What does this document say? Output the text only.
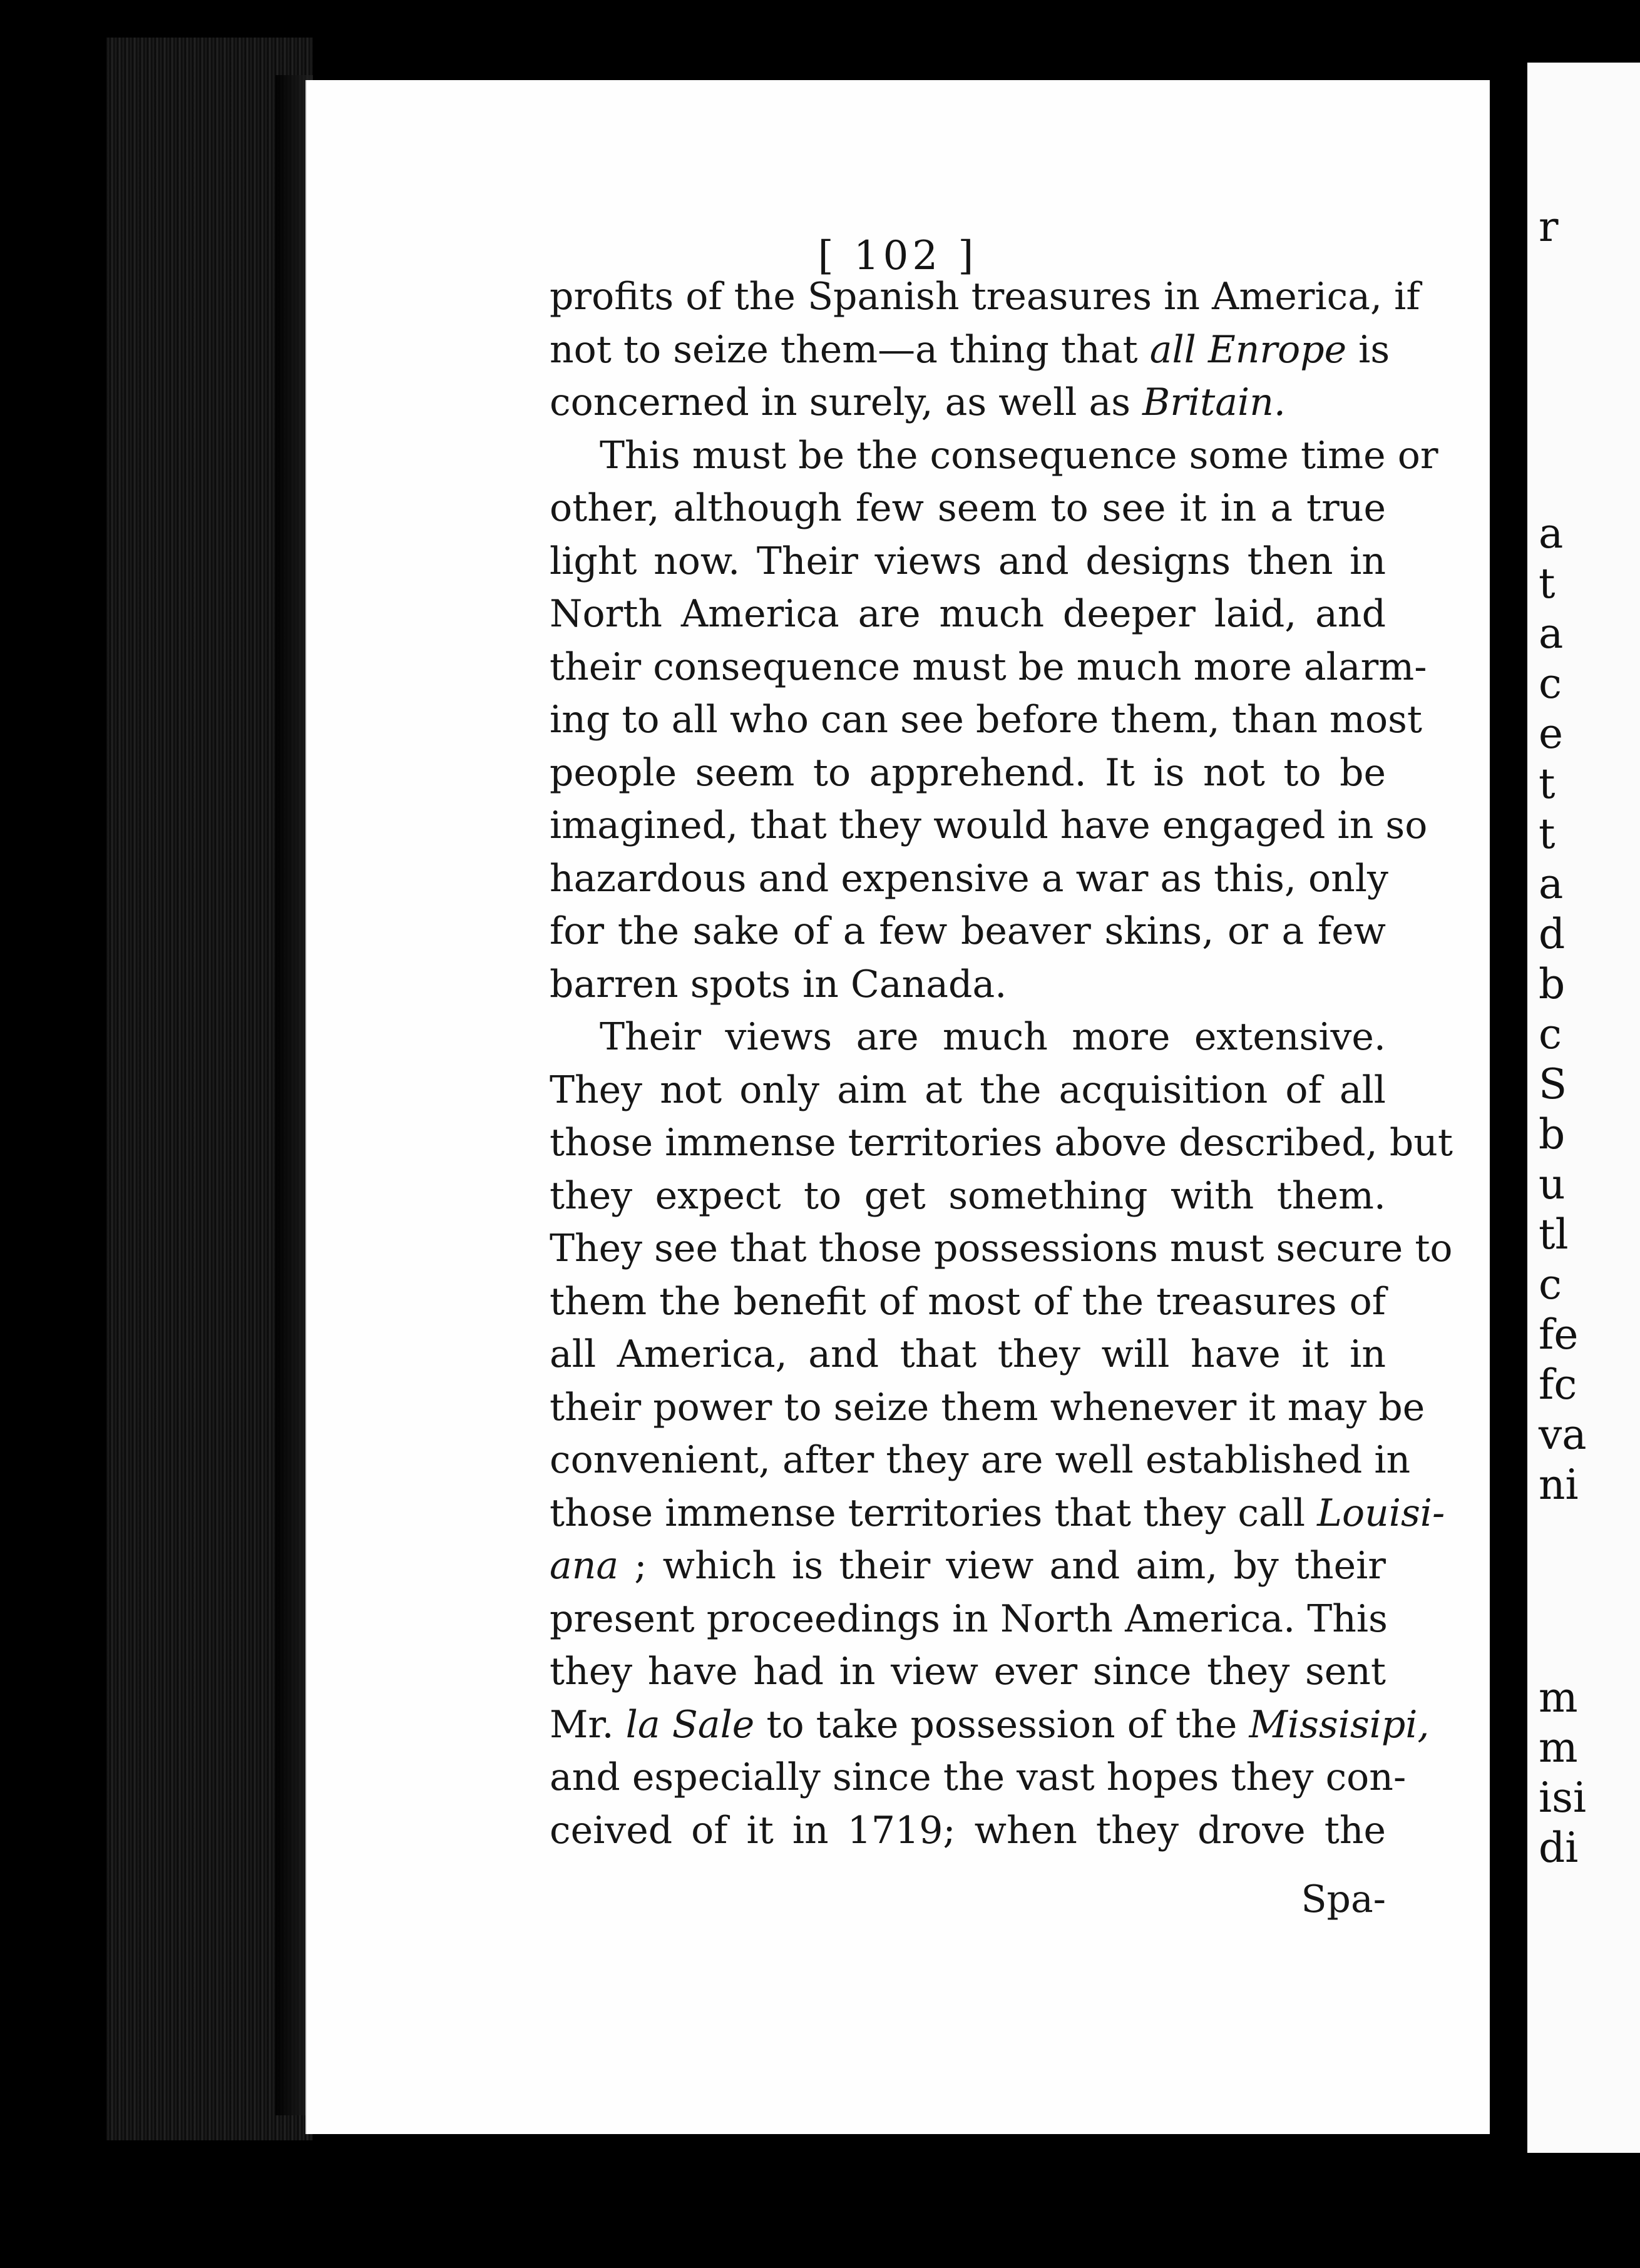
[ 102 ]
profits of the Spanish treasures in America, if
not to seize them—a thing that all Enrope is
concerned in surely, as well as Britain.
This must be the consequence some time or
other, although few seem to see it in a true
light now. Their views and designs then in
North America are much deeper laid, and
their consequence must be much more alarm-
ing to all who can see before them, than most
people seem to apprehend. It is not to be
imagined, that they would have engaged in so
hazardous and expensive a war as this, only
for the sake of a few beaver skins, or a few
barren spots in Canada.
Their views are much more extensive.
They not only aim at the acquisition of all
those immense territories above described, but
they expect to get something with them.
They see that those possessions must secure to
them the benefit of most of the treasures of
all America, and that they will have it in
their power to seize them whenever it may be
convenient, after they are well established in
those immense territories that they call Louisi-
ana ; which is their view and aim, by their
present proceedings in North America. This
they have had in view ever since they sent
Mr. la Sale to take possession of the Missisipi,
and especially since the vast hopes they con-
ceived of it in 1719; when they drove the
Spa-
r
a
t
a
c
e
t
t
a
d
b
c
S
b
u
tl
c
fe
fc
va
ni
m
m
isi
di
